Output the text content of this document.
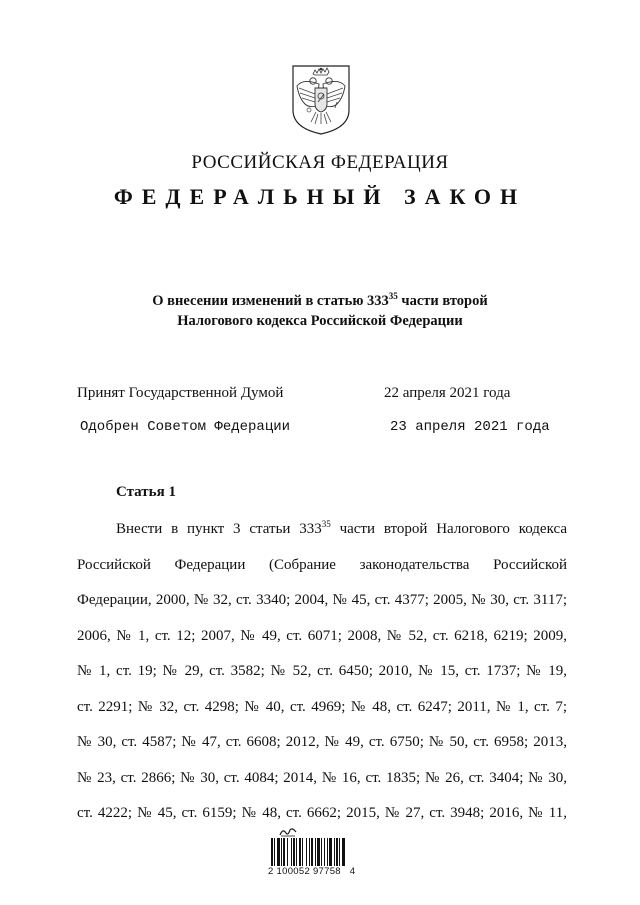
РОССИЙСКАЯ ФЕДЕРАЦИЯ
ФЕДЕРАЛЬНЫЙ ЗАКОН
О внесении изменений в статью $333^{35}$ части второй
Налогового кодекса Российской Федерации
Принят Государственной Думой	22 апреля 2021 года
Одобрен Советом Федерации	23 апреля 2021 года
Статья 1
Внести в пункт 3 статьи $333^{35}$ части второй Налогового кодекса
Российской Федерации (Собрание законодательства Российской
Федерации, 2000, № 32, ст. 3340; 2004, № 45, ст. 4377; 2005, № 30, ст. 3117;
2006, № 1, ст. 12; 2007, № 49, ст. 6071; 2008, № 52, ст. 6218, 6219; 2009,
№ 1, ст. 19; № 29, ст. 3582; № 52, ст. 6450; 2010, № 15, ст. 1737; № 19,
ст. 2291; № 32, ст. 4298; № 40, ст. 4969; № 48, ст. 6247; 2011, № 1, ст. 7;
№ 30, ст. 4587; № 47, ст. 6608; 2012, № 49, ст. 6750; № 50, ст. 6958; 2013,
№ 23, ст. 2866; № 30, ст. 4084; 2014, № 16, ст. 1835; № 26, ст. 3404; № 30,
ст. 4222; № 45, ст. 6159; № 48, ст. 6662; 2015, № 27, ст. 3948; 2016, № 11,
2 100052 97758   4
